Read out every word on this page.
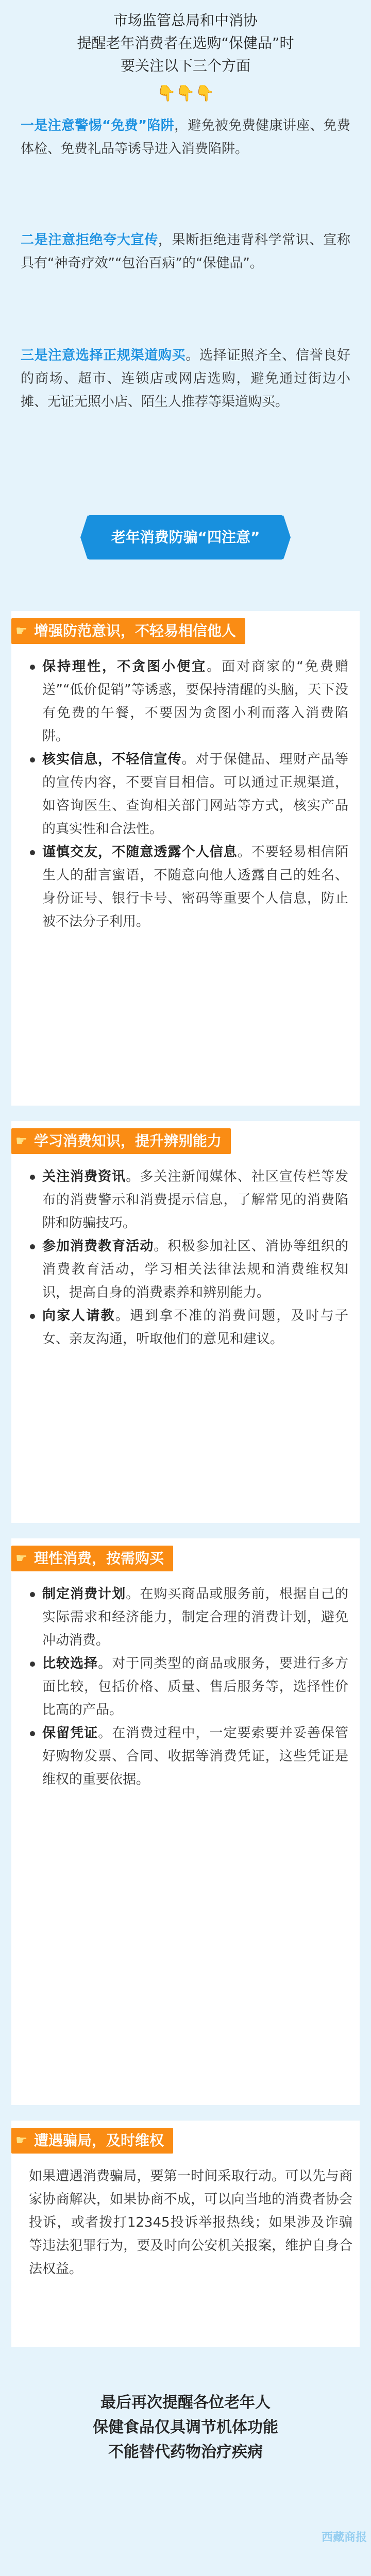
市场监管总局和中消协
提醒老年消费者在选购“保健品”时
要关注以下三个方面
👇👇👇
一是注意警惕“免费”陷阱，避免被免费健康讲座、免费体检、免费礼品等诱导进入消费陷阱。
二是注意拒绝夸大宣传，果断拒绝违背科学常识、宣称具有“神奇疗效”“包治百病”的“保健品”。
三是注意选择正规渠道购买。选择证照齐全、信誉良好的商场、超市、连锁店或网店选购，避免通过街边小摊、无证无照小店、陌生人推荐等渠道购买。
老年消费防骗“四注意”
☛ 增强防范意识，不轻易相信他人
保持理性，不贪图小便宜。面对商家的“免费赠送”“低价促销”等诱惑，要保持清醒的头脑，天下没有免费的午餐，不要因为贪图小利而落入消费陷阱。
核实信息，不轻信宣传。对于保健品、理财产品等的宣传内容，不要盲目相信。可以通过正规渠道，如咨询医生、查询相关部门网站等方式，核实产品的真实性和合法性。
谨慎交友，不随意透露个人信息。不要轻易相信陌生人的甜言蜜语，不随意向他人透露自己的姓名、身份证号、银行卡号、密码等重要个人信息，防止被不法分子利用。
☛ 学习消费知识，提升辨别能力
关注消费资讯。多关注新闻媒体、社区宣传栏等发布的消费警示和消费提示信息，了解常见的消费陷阱和防骗技巧。
参加消费教育活动。积极参加社区、消协等组织的消费教育活动，学习相关法律法规和消费维权知识，提高自身的消费素养和辨别能力。
向家人请教。遇到拿不准的消费问题，及时与子女、亲友沟通，听取他们的意见和建议。
☛ 理性消费，按需购买
制定消费计划。在购买商品或服务前，根据自己的实际需求和经济能力，制定合理的消费计划，避免冲动消费。
比较选择。对于同类型的商品或服务，要进行多方面比较，包括价格、质量、售后服务等，选择性价比高的产品。
保留凭证。在消费过程中，一定要索要并妥善保管好购物发票、合同、收据等消费凭证，这些凭证是维权的重要依据。
☛ 遭遇骗局，及时维权
如果遭遇消费骗局，要第一时间采取行动。可以先与商家协商解决，如果协商不成，可以向当地的消费者协会投诉，或者拨打12345投诉举报热线；如果涉及诈骗等违法犯罪行为，要及时向公安机关报案，维护自身合法权益。
最后再次提醒各位老年人
保健食品仅具调节机体功能
不能替代药物治疗疾病
西藏商报
